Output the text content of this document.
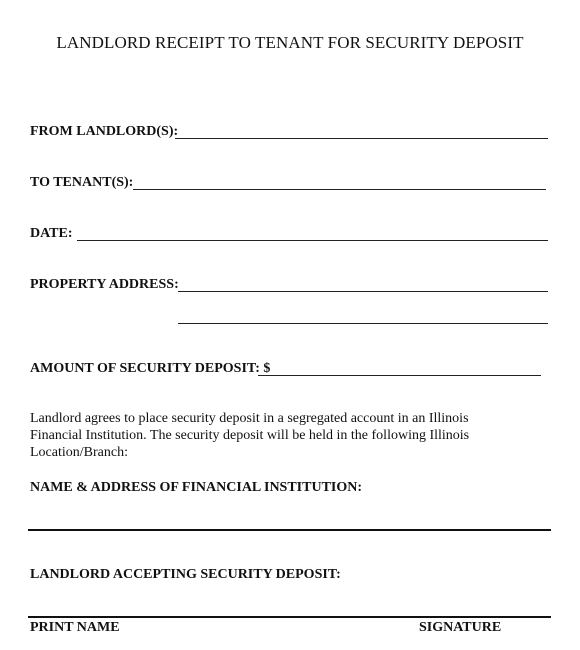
LANDLORD RECEIPT TO TENANT FOR SECURITY DEPOSIT
FROM LANDLORD(S):
TO TENANT(S):
DATE:
PROPERTY ADDRESS:
AMOUNT OF SECURITY DEPOSIT: $
Landlord agrees to place security deposit in a segregated account in an Illinois
Financial Institution. The security deposit will be held in the following Illinois
Location/Branch:
NAME & ADDRESS OF FINANCIAL INSTITUTION:
LANDLORD ACCEPTING SECURITY DEPOSIT:
PRINT NAME	SIGNATURE
